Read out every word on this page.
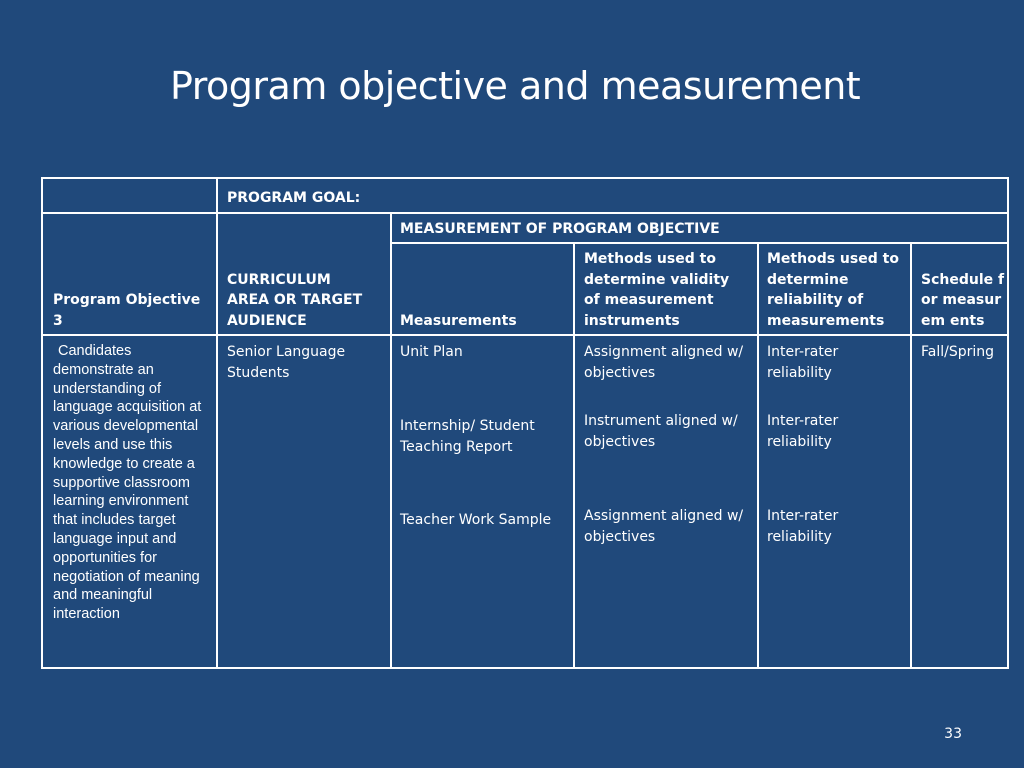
Program objective and measurement
PROGRAM GOAL:
MEASUREMENT OF PROGRAM OBJECTIVE
Program Objective 3
CURRICULUM AREA OR TARGET AUDIENCE	Measurements
Methods used to determine validity of measurement instruments
Methods used to determine reliability of measurements
Schedule for measurem ents
Candidates demonstrate an understanding of language acquisition at various developmental levels and use this knowledge to create a supportive classroom learning environment that includes target language input and opportunities for negotiation of meaning and meaningful interaction
Senior Language Students
Unit Plan
Internship/ Student Teaching Report
Teacher Work Sample
Assignment aligned w/ objectives
Instrument aligned w/ objectives
Assignment aligned w/ objectives
Inter-rater reliability
Inter-rater reliability
Inter-rater reliability
Fall/Spring
33
